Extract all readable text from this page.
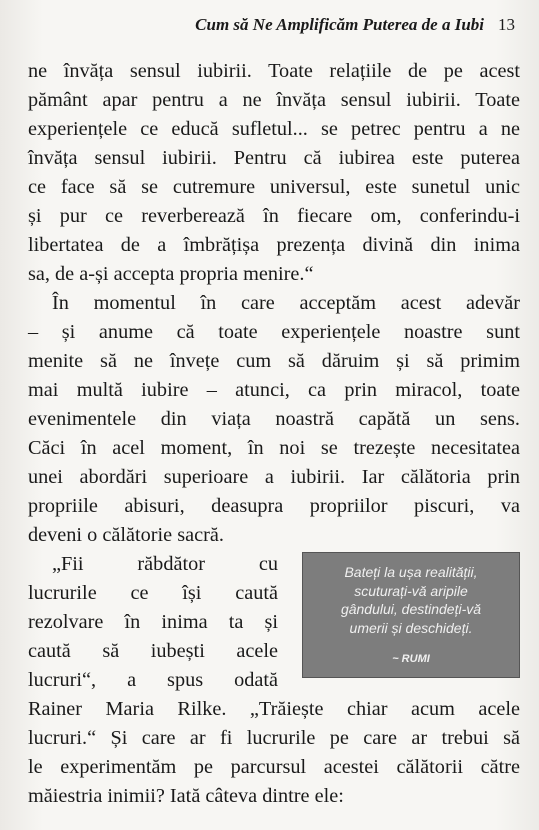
Cum să Ne Amplificăm Puterea de a Iubi 13
ne învăța sensul iubirii. Toate relațiile de pe acest
pământ apar pentru a ne învăța sensul iubirii. Toate
experiențele ce educă sufletul... se petrec pentru a ne
învăța sensul iubirii. Pentru că iubirea este puterea
ce face să se cutremure universul, este sunetul unic
și pur ce reverberează în fiecare om, conferindu-i
libertatea de a îmbrățișa prezența divină din inima
sa, de a-și accepta propria menire.“
În momentul în care acceptăm acest adevăr
– și anume că toate experiențele noastre sunt
menite să ne învețe cum să dăruim și să primim
mai multă iubire – atunci, ca prin miracol, toate
evenimentele din viața noastră capătă un sens.
Căci în acel moment, în noi se trezește necesitatea
unei abordări superioare a iubirii. Iar călătoria prin
propriile abisuri, deasupra propriilor piscuri, va
deveni o călătorie sacră.
„Fii răbdător cu
lucrurile ce își caută
rezolvare în inima ta și
caută să iubești acele
lucruri“, a spus odată

Bateți la ușa realității,

scuturați-vă aripile

gândului, destindeți-vă

umerii și deschideți.

~ RUMI
Rainer Maria Rilke. „Trăiește chiar acum acele
lucruri.“ Și care ar fi lucrurile pe care ar trebui să
le experimentăm pe parcursul acestei călătorii către
măiestria inimii? Iată câteva dintre ele:
